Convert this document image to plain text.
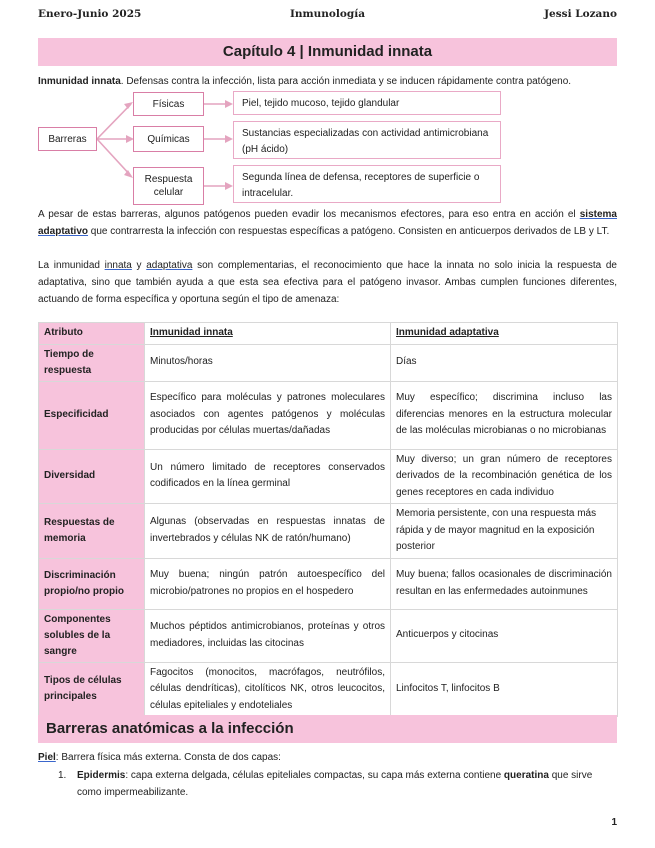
Enero-Junio 2025	Inmunología	Jessi Lozano
Capítulo 4 | Inmunidad innata
Inmunidad innata. Defensas contra la infección, lista para acción inmediata y se inducen rápidamente contra patógeno.
Barreras
Físicas
Químicas
Respuesta celular
Piel, tejido mucoso, tejido glandular
Sustancias especializadas con actividad antimicrobiana (pH ácido)
Segunda línea de defensa, receptores de superficie o intracelular.
A pesar de estas barreras, algunos patógenos pueden evadir los mecanismos efectores, para eso entra en acción el sistema adaptativo que contrarresta la infección con respuestas específicas a patógeno. Consisten en anticuerpos derivados de LB y LT.
La inmunidad innata y adaptativa son complementarias, el reconocimiento que hace la innata no solo inicia la respuesta de adaptativa, sino que también ayuda a que esta sea efectiva para el patógeno invasor. Ambas cumplen funciones diferentes, actuando de forma específica y oportuna según el tipo de amenaza:
Atributo	Inmunidad innata	Inmunidad adaptativa
Tiempo de respuesta	Minutos/horas	Días
Especificidad	Específico para moléculas y patrones moleculares asociados con agentes patógenos y moléculas producidas por células muertas/dañadas	Muy específico; discrimina incluso las diferencias menores en la estructura molecular de las moléculas microbianas o no microbianas
Diversidad	Un número limitado de receptores conservados codificados en la línea germinal	Muy diverso; un gran número de receptores derivados de la recombinación genética de los genes receptores en cada individuo
Respuestas de memoria	Algunas (observadas en respuestas innatas de invertebrados y células NK de ratón/humano)	Memoria persistente, con una respuesta más rápida y de mayor magnitud en la exposición posterior
Discriminación propio/no propio	Muy buena; ningún patrón autoespecífico del microbio/patrones no propios en el hospedero	Muy buena; fallos ocasionales de discriminación resultan en las enfermedades autoinmunes
Componentes solubles de la sangre	Muchos péptidos antimicrobianos, proteínas y otros mediadores, incluidas las citocinas	Anticuerpos y citocinas
Tipos de células principales	Fagocitos (monocitos, macrófagos, neutrófilos, células dendríticas), citolíticos NK, otros leucocitos, células epiteliales y endoteliales	Linfocitos T, linfocitos B
Barreras anatómicas a la infección
Piel: Barrera física más externa. Consta de dos capas:
1. Epidermis: capa externa delgada, células epiteliales compactas, su capa más externa contiene queratina que sirve como impermeabilizante.
1
